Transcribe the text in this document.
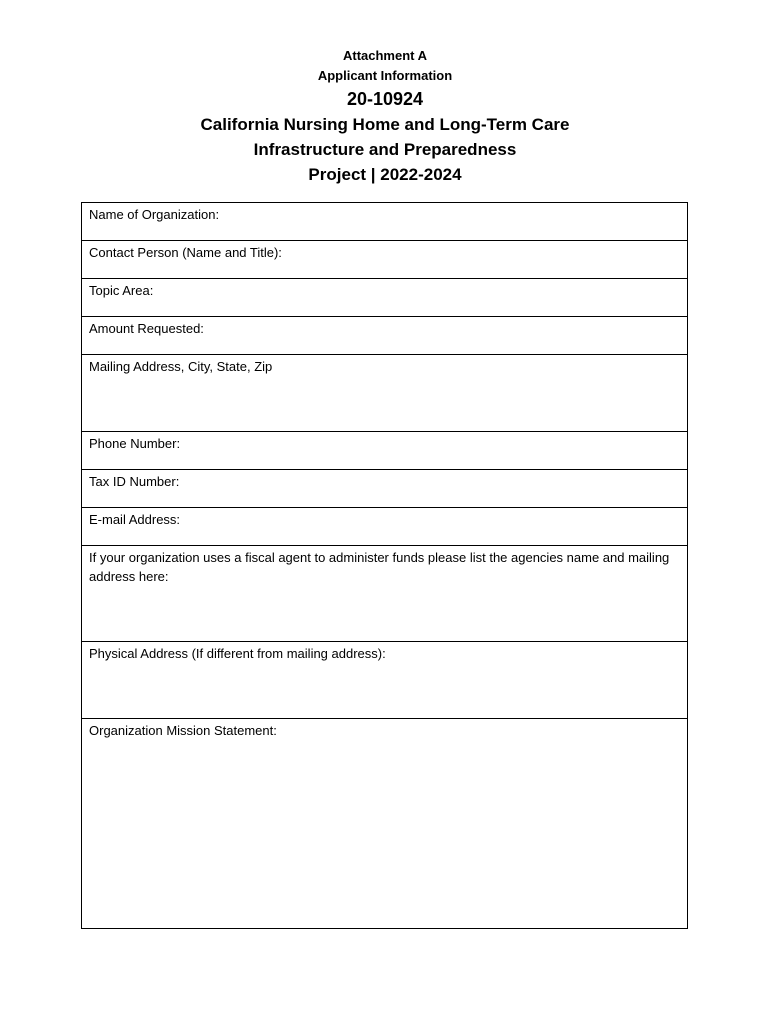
Attachment A
Applicant Information
20-10924
California Nursing Home and Long-Term Care
Infrastructure and Preparedness
Project | 2022-2024
Name of Organization:
Contact Person (Name and Title):
Topic Area:
Amount Requested:
Mailing Address, City, State, Zip
Phone Number:
Tax ID Number:
E-mail Address:
If your organization uses a fiscal agent to administer funds please list the agencies name and mailing address here:
Physical Address (If different from mailing address):
Organization Mission Statement:
